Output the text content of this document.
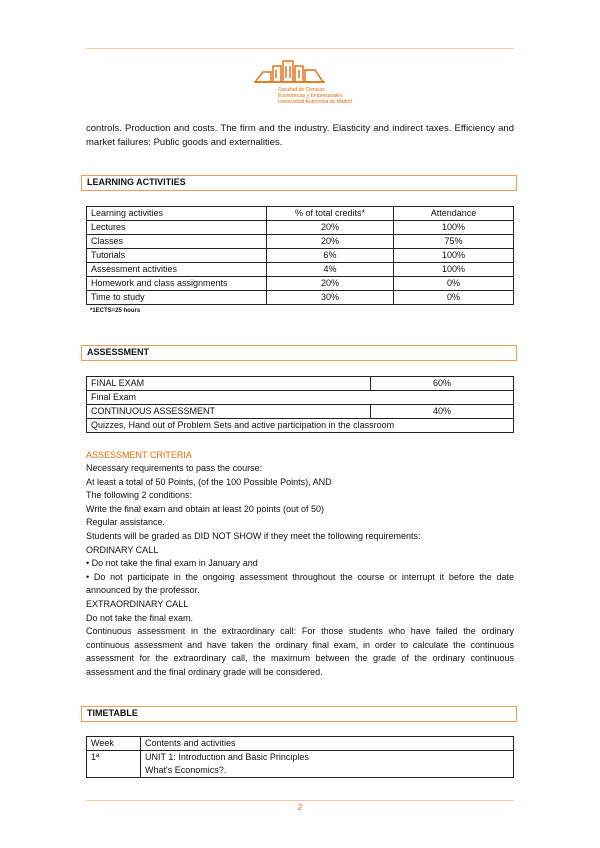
Facultad de Ciencias
Económicas y Empresariales
Universidad Autónoma de Madrid

controls. Production and costs. The firm and the industry. Elasticity and indirect taxes. Efficiency and market failures: Public goods and externalities.

LEARNING ACTIVITIES
Learning activities	% of total credits*	Attendance
Lectures	20%	100%
Classes	20%	75%
Tutorials	6%	100%
Assessment activities	4%	100%
Homework and class assignments	20%	0%
Time to study	30%	0%
*1ECTS=25 hours
ASSESSMENT
FINAL EXAM	60%
Final Exam	
CONTINUOUS ASSESSMENT	40%
Quizzes, Hand out of Problem Sets and active participation in the classroom	
ASSESSMENT CRITERIA

Necessary requirements to pass the course:

At least a total of 50 Points, (of the 100 Possible Points), AND

The following 2 conditions:

Write the final exam and obtain at least 20 points (out of 50)

Regular assistance.

Students will be graded as DID NOT SHOW if they meet the following requirements:

ORDINARY CALL

• Do not take the final exam in January and

• Do not participate in the ongoing assessment throughout the course or interrupt it before the date announced by the professor.

EXTRAORDINARY CALL

Do not take the final exam.

Continuous assessment in the extraordinary call: For those students who have failed the ordinary continuous assessment and have taken the ordinary final exam, in order to calculate the continuous assessment for the extraordinary call, the maximum between the grade of the ordinary continuous assessment and the final ordinary grade will be considered.

TIMETABLE
Week	Contents and activities
1ª	UNIT 1: Introduction and Basic Principles
What's Economics?.
2
